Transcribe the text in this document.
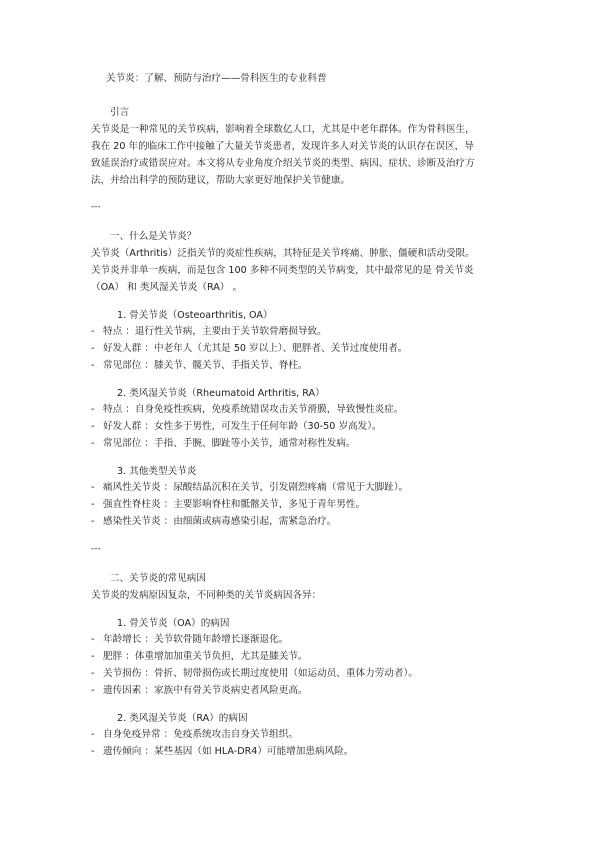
关节炎：了解、预防与治疗——骨科医生的专业科普
引言
关节炎是一种常见的关节疾病，影响着全球数亿人口，尤其是中老年群体。作为骨科医生，
我在 20 年的临床工作中接触了大量关节炎患者，发现许多人对关节炎的认识存在误区，导
致延误治疗或错误应对。本文将从专业角度介绍关节炎的类型、病因、症状、诊断及治疗方
法，并给出科学的预防建议，帮助大家更好地保护关节健康。
---
一、什么是关节炎？
关节炎（Arthritis）泛指关节的炎症性疾病，其特征是关节疼痛、肿胀、僵硬和活动受限。
关节炎并非单一疾病，而是包含 100 多种不同类型的关节病变，其中最常见的是 骨关节炎
（OA） 和 类风湿关节炎（RA） 。
1. 骨关节炎（Osteoarthritis, OA）
- 特点 ：退行性关节病，主要由于关节软骨磨损导致。
- 好发人群 ：中老年人（尤其是 50 岁以上）、肥胖者、关节过度使用者。
- 常见部位 ：膝关节、髋关节、手指关节、脊柱。
2. 类风湿关节炎（Rheumatoid Arthritis, RA）
- 特点 ：自身免疫性疾病，免疫系统错误攻击关节滑膜，导致慢性炎症。
- 好发人群 ：女性多于男性，可发生于任何年龄（30-50 岁高发）。
- 常见部位 ：手指、手腕、脚趾等小关节，通常对称性发病。
3. 其他类型关节炎
- 痛风性关节炎 ：尿酸结晶沉积在关节，引发剧烈疼痛（常见于大脚趾）。
- 强直性脊柱炎 ：主要影响脊柱和骶髂关节，多见于青年男性。
- 感染性关节炎 ：由细菌或病毒感染引起，需紧急治疗。
---
二、关节炎的常见病因
关节炎的发病原因复杂，不同种类的关节炎病因各异：
1. 骨关节炎（OA）的病因
- 年龄增长 ：关节软骨随年龄增长逐渐退化。
- 肥胖 ：体重增加加重关节负担，尤其是膝关节。
- 关节损伤 ：骨折、韧带损伤或长期过度使用（如运动员、重体力劳动者）。
- 遗传因素 ：家族中有骨关节炎病史者风险更高。
2. 类风湿关节炎（RA）的病因
- 自身免疫异常 ：免疫系统攻击自身关节组织。
- 遗传倾向 ：某些基因（如 HLA-DR4）可能增加患病风险。
